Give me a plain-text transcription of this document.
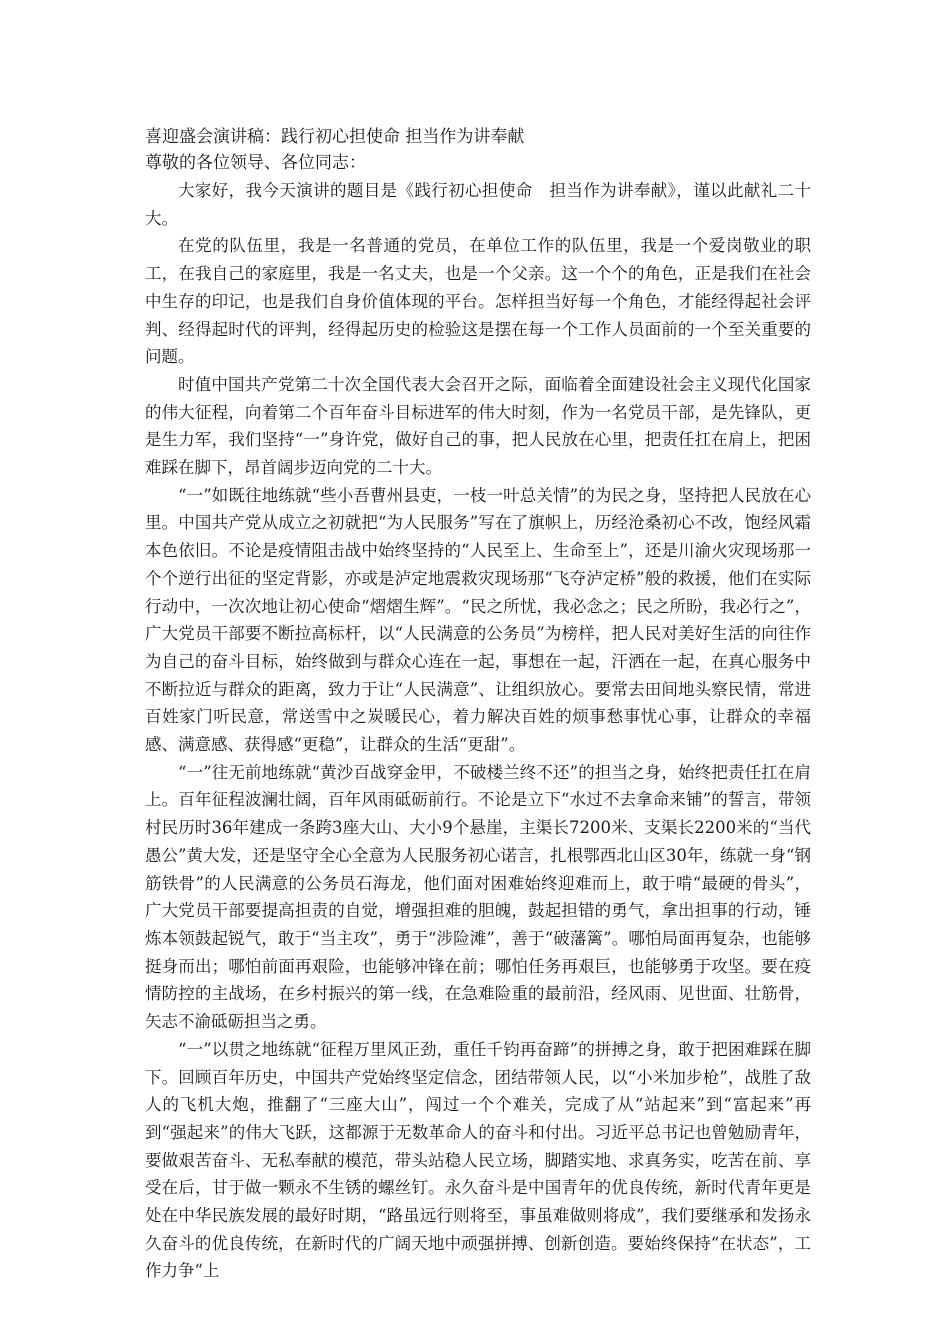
喜迎盛会演讲稿：践行初心担使命 担当作为讲奉献
尊敬的各位领导、各位同志：

大家好，我今天演讲的题目是《践行初心担使命　担当作为讲奉献》，谨以此献礼二十大。

在党的队伍里，我是一名普通的党员，在单位工作的队伍里，我是一个爱岗敬业的职工，在我自己的家庭里，我是一名丈夫，也是一个父亲。这一个个的角色，正是我们在社会中生存的印记，也是我们自身价值体现的平台。怎样担当好每一个角色，才能经得起社会评判、经得起时代的评判，经得起历史的检验这是摆在每一个工作人员面前的一个至关重要的问题。

时值中国共产党第二十次全国代表大会召开之际，面临着全面建设社会主义现代化国家的伟大征程，向着第二个百年奋斗目标进军的伟大时刻，作为一名党员干部，是先锋队，更是生力军，我们坚持“一”身许党，做好自己的事，把人民放在心里，把责任扛在肩上，把困难踩在脚下，昂首阔步迈向党的二十大。

“一”如既往地练就“些小吾曹州县吏，一枝一叶总关情”的为民之身，坚持把人民放在心里。中国共产党从成立之初就把“为人民服务”写在了旗帜上，历经沧桑初心不改，饱经风霜本色依旧。不论是疫情阻击战中始终坚持的“人民至上、生命至上”，还是川渝火灾现场那一个个逆行出征的坚定背影，亦或是泸定地震救灾现场那“飞夺泸定桥”般的救援，他们在实际行动中，一次次地让初心使命“熠熠生辉”。“民之所忧，我必念之；民之所盼，我必行之”，广大党员干部要不断拉高标杆，以“人民满意的公务员”为榜样，把人民对美好生活的向往作为自己的奋斗目标，始终做到与群众心连在一起，事想在一起，汗洒在一起，在真心服务中不断拉近与群众的距离，致力于让“人民满意”、让组织放心。要常去田间地头察民情，常进百姓家门听民意，常送雪中之炭暖民心，着力解决百姓的烦事愁事忧心事，让群众的幸福感、满意感、获得感“更稳”，让群众的生活“更甜”。

“一”往无前地练就“黄沙百战穿金甲，不破楼兰终不还”的担当之身，始终把责任扛在肩上。百年征程波澜壮阔，百年风雨砥砺前行。不论是立下“水过不去拿命来铺”的誓言，带领村民历时36年建成一条跨3座大山、大小9个悬崖，主渠长7200米、支渠长2200米的“当代愚公”黄大发，还是坚守全心全意为人民服务初心诺言，扎根鄂西北山区30年，练就一身“钢筋铁骨”的人民满意的公务员石海龙，他们面对困难始终迎难而上，敢于啃“最硬的骨头”，广大党员干部要提高担责的自觉，增强担难的胆魄，鼓起担错的勇气，拿出担事的行动，锤炼本领鼓起锐气，敢于“当主攻”，勇于“涉险滩”，善于“破藩篱”。哪怕局面再复杂，也能够挺身而出；哪怕前面再艰险，也能够冲锋在前；哪怕任务再艰巨，也能够勇于攻坚。要在疫情防控的主战场，在乡村振兴的第一线，在急难险重的最前沿，经风雨、见世面、壮筋骨，矢志不渝砥砺担当之勇。

“一”以贯之地练就“征程万里风正劲，重任千钧再奋蹄”的拼搏之身，敢于把困难踩在脚下。回顾百年历史，中国共产党始终坚定信念，团结带领人民，以“小米加步枪”，战胜了敌人的飞机大炮，推翻了“三座大山”，闯过一个个难关，完成了从“站起来”到“富起来”再到“强起来”的伟大飞跃，这都源于无数革命人的奋斗和付出。习近平总书记也曾勉励青年，要做艰苦奋斗、无私奉献的模范，带头站稳人民立场，脚踏实地、求真务实，吃苦在前、享受在后，甘于做一颗永不生锈的螺丝钉。永久奋斗是中国青年的优良传统，新时代青年更是处在中华民族发展的最好时期，“路虽远行则将至，事虽难做则将成”，我们要继承和发扬永久奋斗的优良传统，在新时代的广阔天地中顽强拼搏、创新创造。要始终保持“在状态”，工作力争“上
